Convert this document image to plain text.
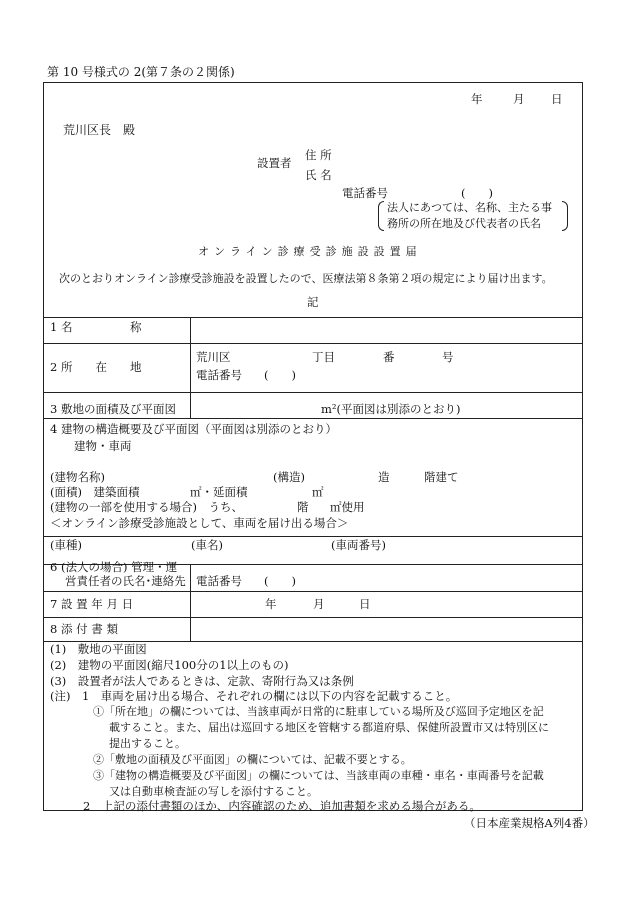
第 10 号様式の 2(第７条の２関係)
年	月 日
荒川区長　殿
設置者
住 所
氏 名
電話番号	(　　)
法人にあつては、名称、主たる事
務所の所在地及び代表者の氏名
オンライン診療受診施設設置届
次のとおりオンライン診療受診施設を設置したので、医療法第８条第２項の規定により届け出ます。
記
1 名　　　　　称
2 所　　在　　地
荒川区	丁目	番	号
電話番号 (　　)
3 敷地の面積及び平面図	m²(平面図は別添のとおり)
4 建物の構造概要及び平面図（平面図は別添のとおり）
建物・車両
(建物名称)	(構造)	造	階建て
(面積)　建築面積	㎡・延面積	㎡
(建物の一部を使用する場合)　うち、	階 ㎡使用
＜オンライン診療受診施設として、車両を届け出る場合＞
(車種)	(車名)	(車両番号)
6 (法人の場合) 管理・運
営責任者の氏名･連絡先 電話番号 (　　)
7 設 置 年 月 日	年	月	日
8 添 付 書 類
(1)　敷地の平面図
(2)　建物の平面図(縮尺100分の1以上のもの)
(3)　設置者が法人であるときは、定款、寄附行為又は条例
(注)　1　車両を届け出る場合、それぞれの欄には以下の内容を記載すること。
①「所在地」の欄については、当該車両が日常的に駐車している場所及び巡回予定地区を記
載すること。また、届出は巡回する地区を管轄する都道府県、保健所設置市又は特別区に
提出すること。
②「敷地の面積及び平面図」の欄については、記載不要とする。
③「建物の構造概要及び平面図」の欄については、当該車両の車種・車名・車両番号を記載
又は自動車検査証の写しを添付すること。
2　上記の添付書類のほか、内容確認のため、追加書類を求める場合がある。
（日本産業規格A列4番）
